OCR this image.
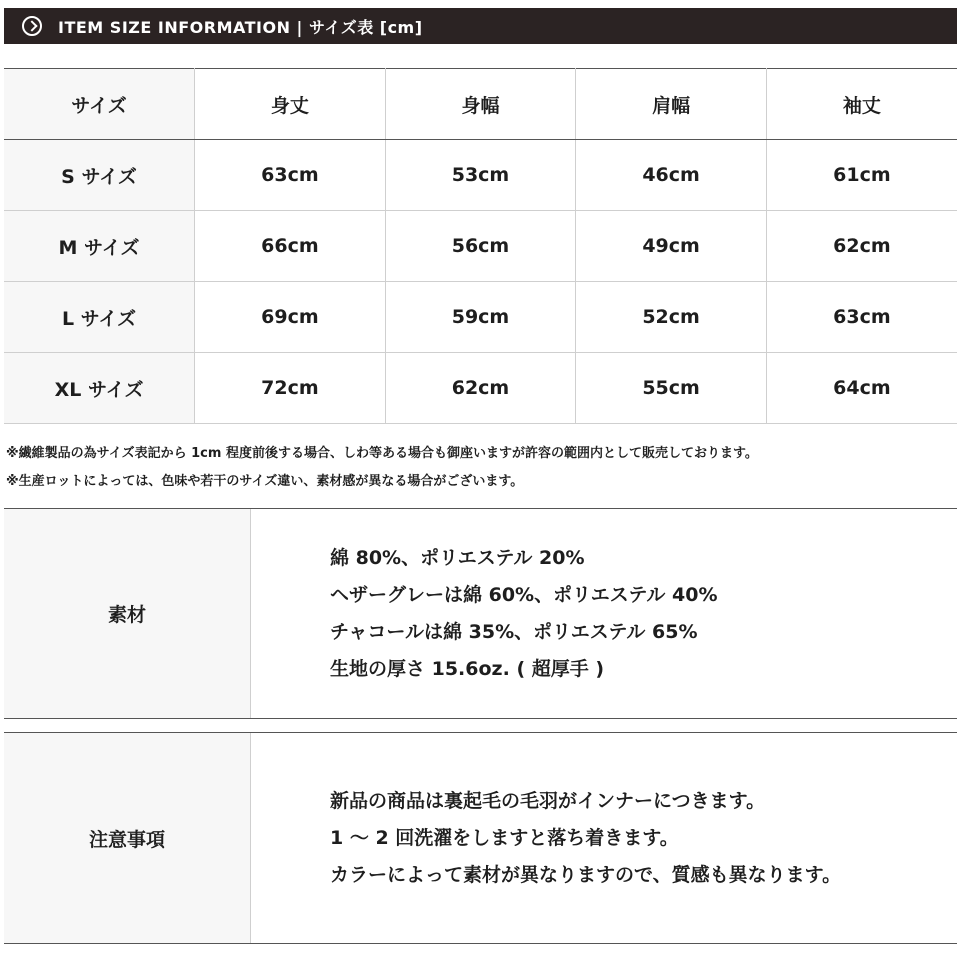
ITEM SIZE INFORMATION | サイズ表 [cm]
サイズ	身丈	身幅	肩幅	袖丈
S サイズ	63cm	53cm	46cm	61cm
M サイズ	66cm	56cm	49cm	62cm
L サイズ	69cm	59cm	52cm	63cm
XL サイズ	72cm	62cm	55cm	64cm
※繊維製品の為サイズ表記から 1cm 程度前後する場合、しわ等ある場合も御座いますが許容の範囲内として販売しております。
※生産ロットによっては、色味や若干のサイズ違い、素材感が異なる場合がございます。
素材
綿 80%、ポリエステル 20%
ヘザーグレーは綿 60%、ポリエステル 40%
チャコールは綿 35%、ポリエステル 65%
生地の厚さ 15.6oz. ( 超厚手 )
注意事項
新品の商品は裏起毛の毛羽がインナーにつきます。
1 ～ 2 回洗濯をしますと落ち着きます。
カラーによって素材が異なりますので、質感も異なります。
